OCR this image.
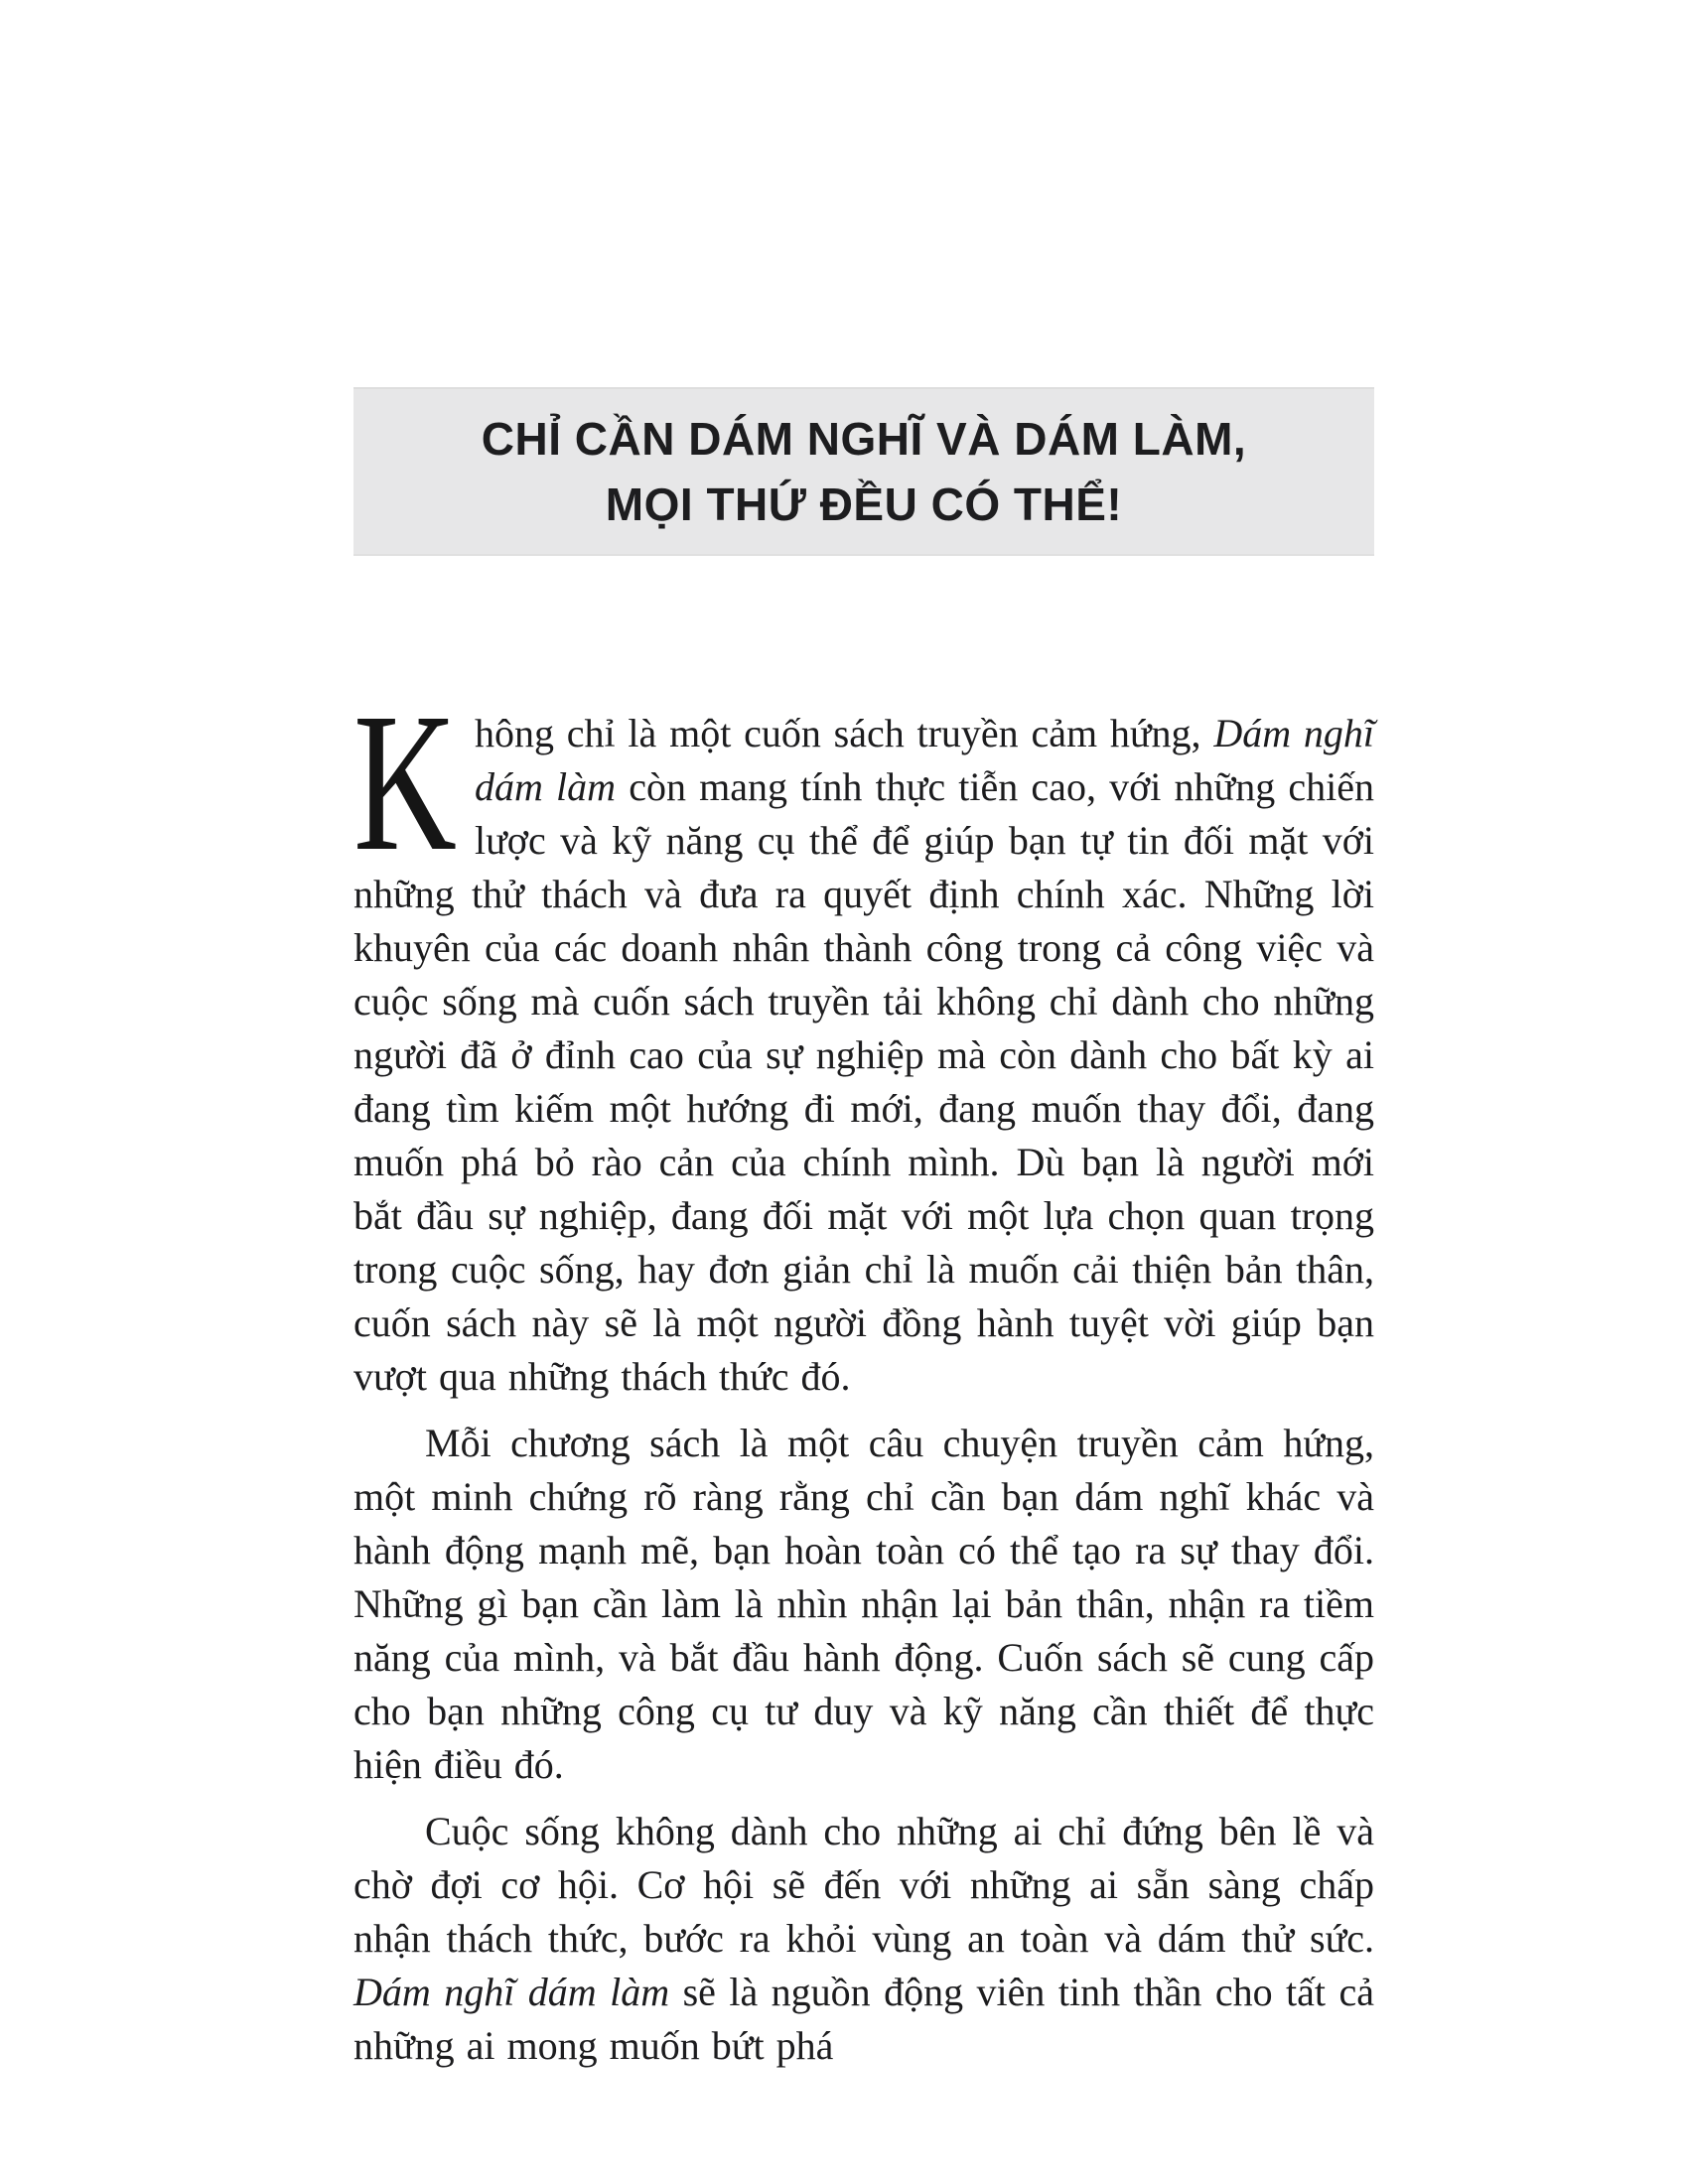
CHỈ CẦN DÁM NGHĨ VÀ DÁM LÀM,
MỌI THỨ ĐỀU CÓ THỂ!

Không chỉ là một cuốn sách truyền cảm hứng, Dám nghĩ dám làm còn mang tính thực tiễn cao, với những chiến lược và kỹ năng cụ thể để giúp bạn tự tin đối mặt với những thử thách và đưa ra quyết định chính xác. Những lời khuyên của các doanh nhân thành công trong cả công việc và cuộc sống mà cuốn sách truyền tải không chỉ dành cho những người đã ở đỉnh cao của sự nghiệp mà còn dành cho bất kỳ ai đang tìm kiếm một hướng đi mới, đang muốn thay đổi, đang muốn phá bỏ rào cản của chính mình. Dù bạn là người mới bắt đầu sự nghiệp, đang đối mặt với một lựa chọn quan trọng trong cuộc sống, hay đơn giản chỉ là muốn cải thiện bản thân, cuốn sách này sẽ là một người đồng hành tuyệt vời giúp bạn vượt qua những thách thức đó.

Mỗi chương sách là một câu chuyện truyền cảm hứng, một minh chứng rõ ràng rằng chỉ cần bạn dám nghĩ khác và hành động mạnh mẽ, bạn hoàn toàn có thể tạo ra sự thay đổi. Những gì bạn cần làm là nhìn nhận lại bản thân, nhận ra tiềm năng của mình, và bắt đầu hành động. Cuốn sách sẽ cung cấp cho bạn những công cụ tư duy và kỹ năng cần thiết để thực hiện điều đó.

Cuộc sống không dành cho những ai chỉ đứng bên lề và chờ đợi cơ hội. Cơ hội sẽ đến với những ai sẵn sàng chấp nhận thách thức, bước ra khỏi vùng an toàn và dám thử sức. Dám nghĩ dám làm sẽ là nguồn động viên tinh thần cho tất cả những ai mong muốn bứt phá
